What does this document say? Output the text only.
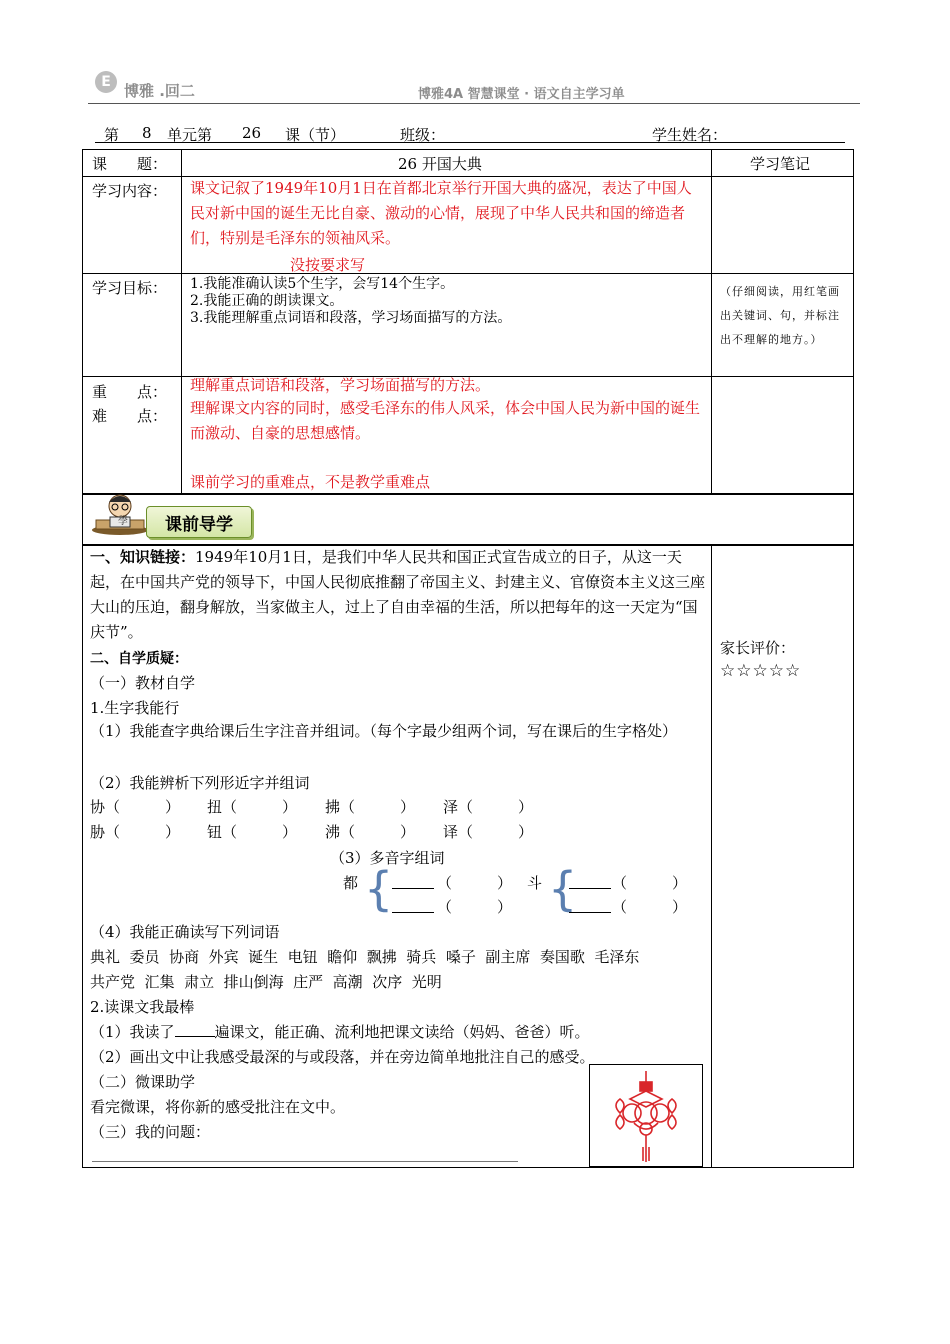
E 博雅 .回二	博雅4A 智慧课堂 · 语文自主学习单
第 8 单元第 26 课（节）	班级：	学生姓名：
课　　题：	26 开国大典	学习笔记
学习内容： 课文记叙了1949年10月1日在首都北京举行开国大典的盛况，表达了中国人民对新中国的诞生无比自豪、激动的心情，展现了中华人民共和国的缔造者们，特别是毛泽东的领袖风采。
没按要求写
学习目标： 1.我能准确认读5个生字，会写14个生字。
2.我能正确的朗读课文。
3.我能理解重点词语和段落，学习场面描写的方法。
（仔细阅读，用红笔画出关键词、句，并标注出不理解的地方。）
重　　点：
难　　点：
理解重点词语和段落，学习场面描写的方法。
理解课文内容的同时，感受毛泽东的伟人风采，体会中国人民为新中国的诞生而激动、自豪的思想感情。
课前学习的重难点，不是教学重难点
學	课前导学
一、知识链接：1949年10月1日，是我们中华人民共和国正式宣告成立的日子，从这一天起，在中国共产党的领导下，中国人民彻底推翻了帝国主义、封建主义、官僚资本主义这三座大山的压迫，翻身解放，当家做主人，过上了自由幸福的生活，所以把每年的这一天定为“国庆节”。
二、自学质疑：
（一）教材自学
1.生字我能行
（1）我能查字典给课后生字注音并组词。（每个字最少组两个词，写在课后的生字格处）
（2）我能辨析下列形近字并组词
协（　　　） 扭（　　　） 拂（　　　） 泽（　　　）
胁（　　　） 钮（　　　） 沸（　　　） 译（　　　）
（3）多音字组词
都 {	（　　　）
（　　　）
斗 { （　　　）
（　　　）
（4）我能正确读写下列词语
典礼  委员  协商  外宾  诞生  电钮  瞻仰  飘拂  骑兵  嗓子  副主席  奏国歌  毛泽东
共产党  汇集  肃立  排山倒海  庄严  高潮  次序  光明
2.读课文我最棒
（1）我读了	遍课文，能正确、流利地把课文读给（妈妈、爸爸）听。
（2）画出文中让我感受最深的与或段落，并在旁边简单地批注自己的感受。
（二）微课助学
看完微课，将你新的感受批注在文中。
（三）我的问题：
家长评价：
☆☆☆☆☆
